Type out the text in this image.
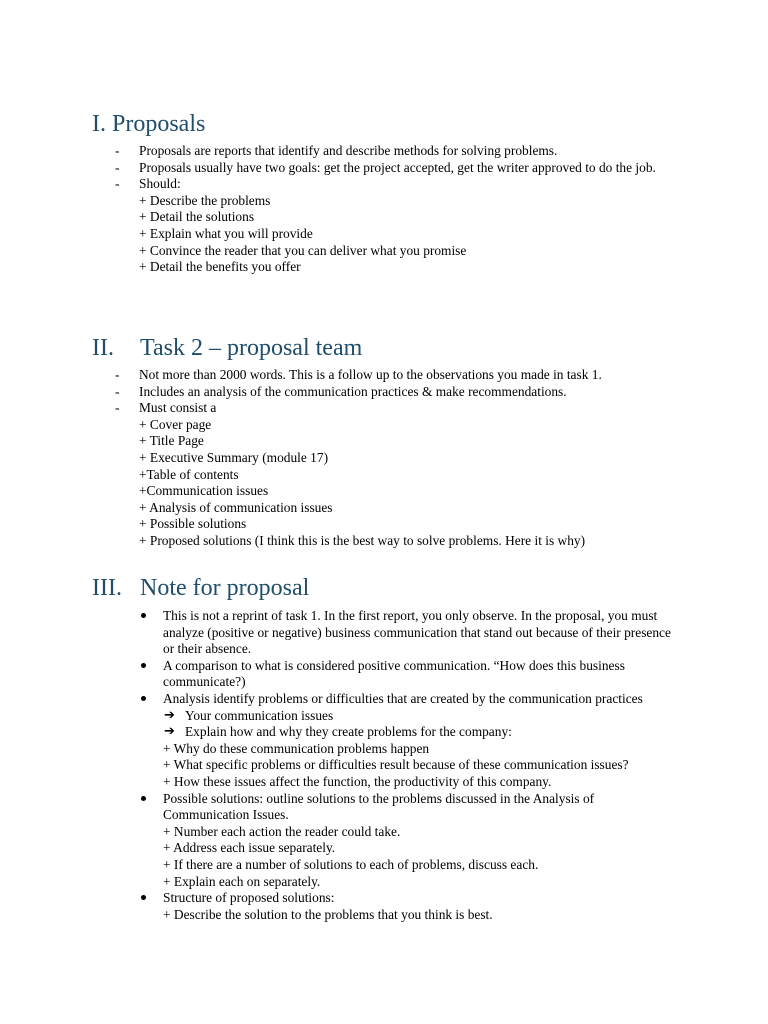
I. Proposals
- Proposals are reports that identify and describe methods for solving problems.
- Proposals usually have two goals: get the project accepted, get the writer approved to do the job.
- Should:
+ Describe the problems
+ Detail the solutions
+ Explain what you will provide
+ Convince the reader that you can deliver what you promise
+ Detail the benefits you offer
II. Task 2 – proposal team
- Not more than 2000 words. This is a follow up to the observations you made in task 1.
- Includes an analysis of the communication practices & make recommendations.
- Must consist a
+ Cover page
+ Title Page
+ Executive Summary (module 17)
+Table of contents
+Communication issues
+ Analysis of communication issues
+ Possible solutions
+ Proposed solutions (I think this is the best way to solve problems. Here it is why)
III. Note for proposal
This is not a reprint of task 1. In the first report, you only observe. In the proposal, you must analyze (positive or negative) business communication that stand out because of their presence or their absence.
A comparison to what is considered positive communication. “How does this business communicate?)
Analysis identify problems or difficulties that are created by the communication practices
➔ Your communication issues
➔ Explain how and why they create problems for the company:
+ Why do these communication problems happen
+ What specific problems or difficulties result because of these communication issues?
+ How these issues affect the function, the productivity of this company.
Possible solutions: outline solutions to the problems discussed in the Analysis of Communication Issues.
+ Number each action the reader could take.
+ Address each issue separately.
+ If there are a number of solutions to each of problems, discuss each.
+ Explain each on separately.
Structure of proposed solutions:
+ Describe the solution to the problems that you think is best.
